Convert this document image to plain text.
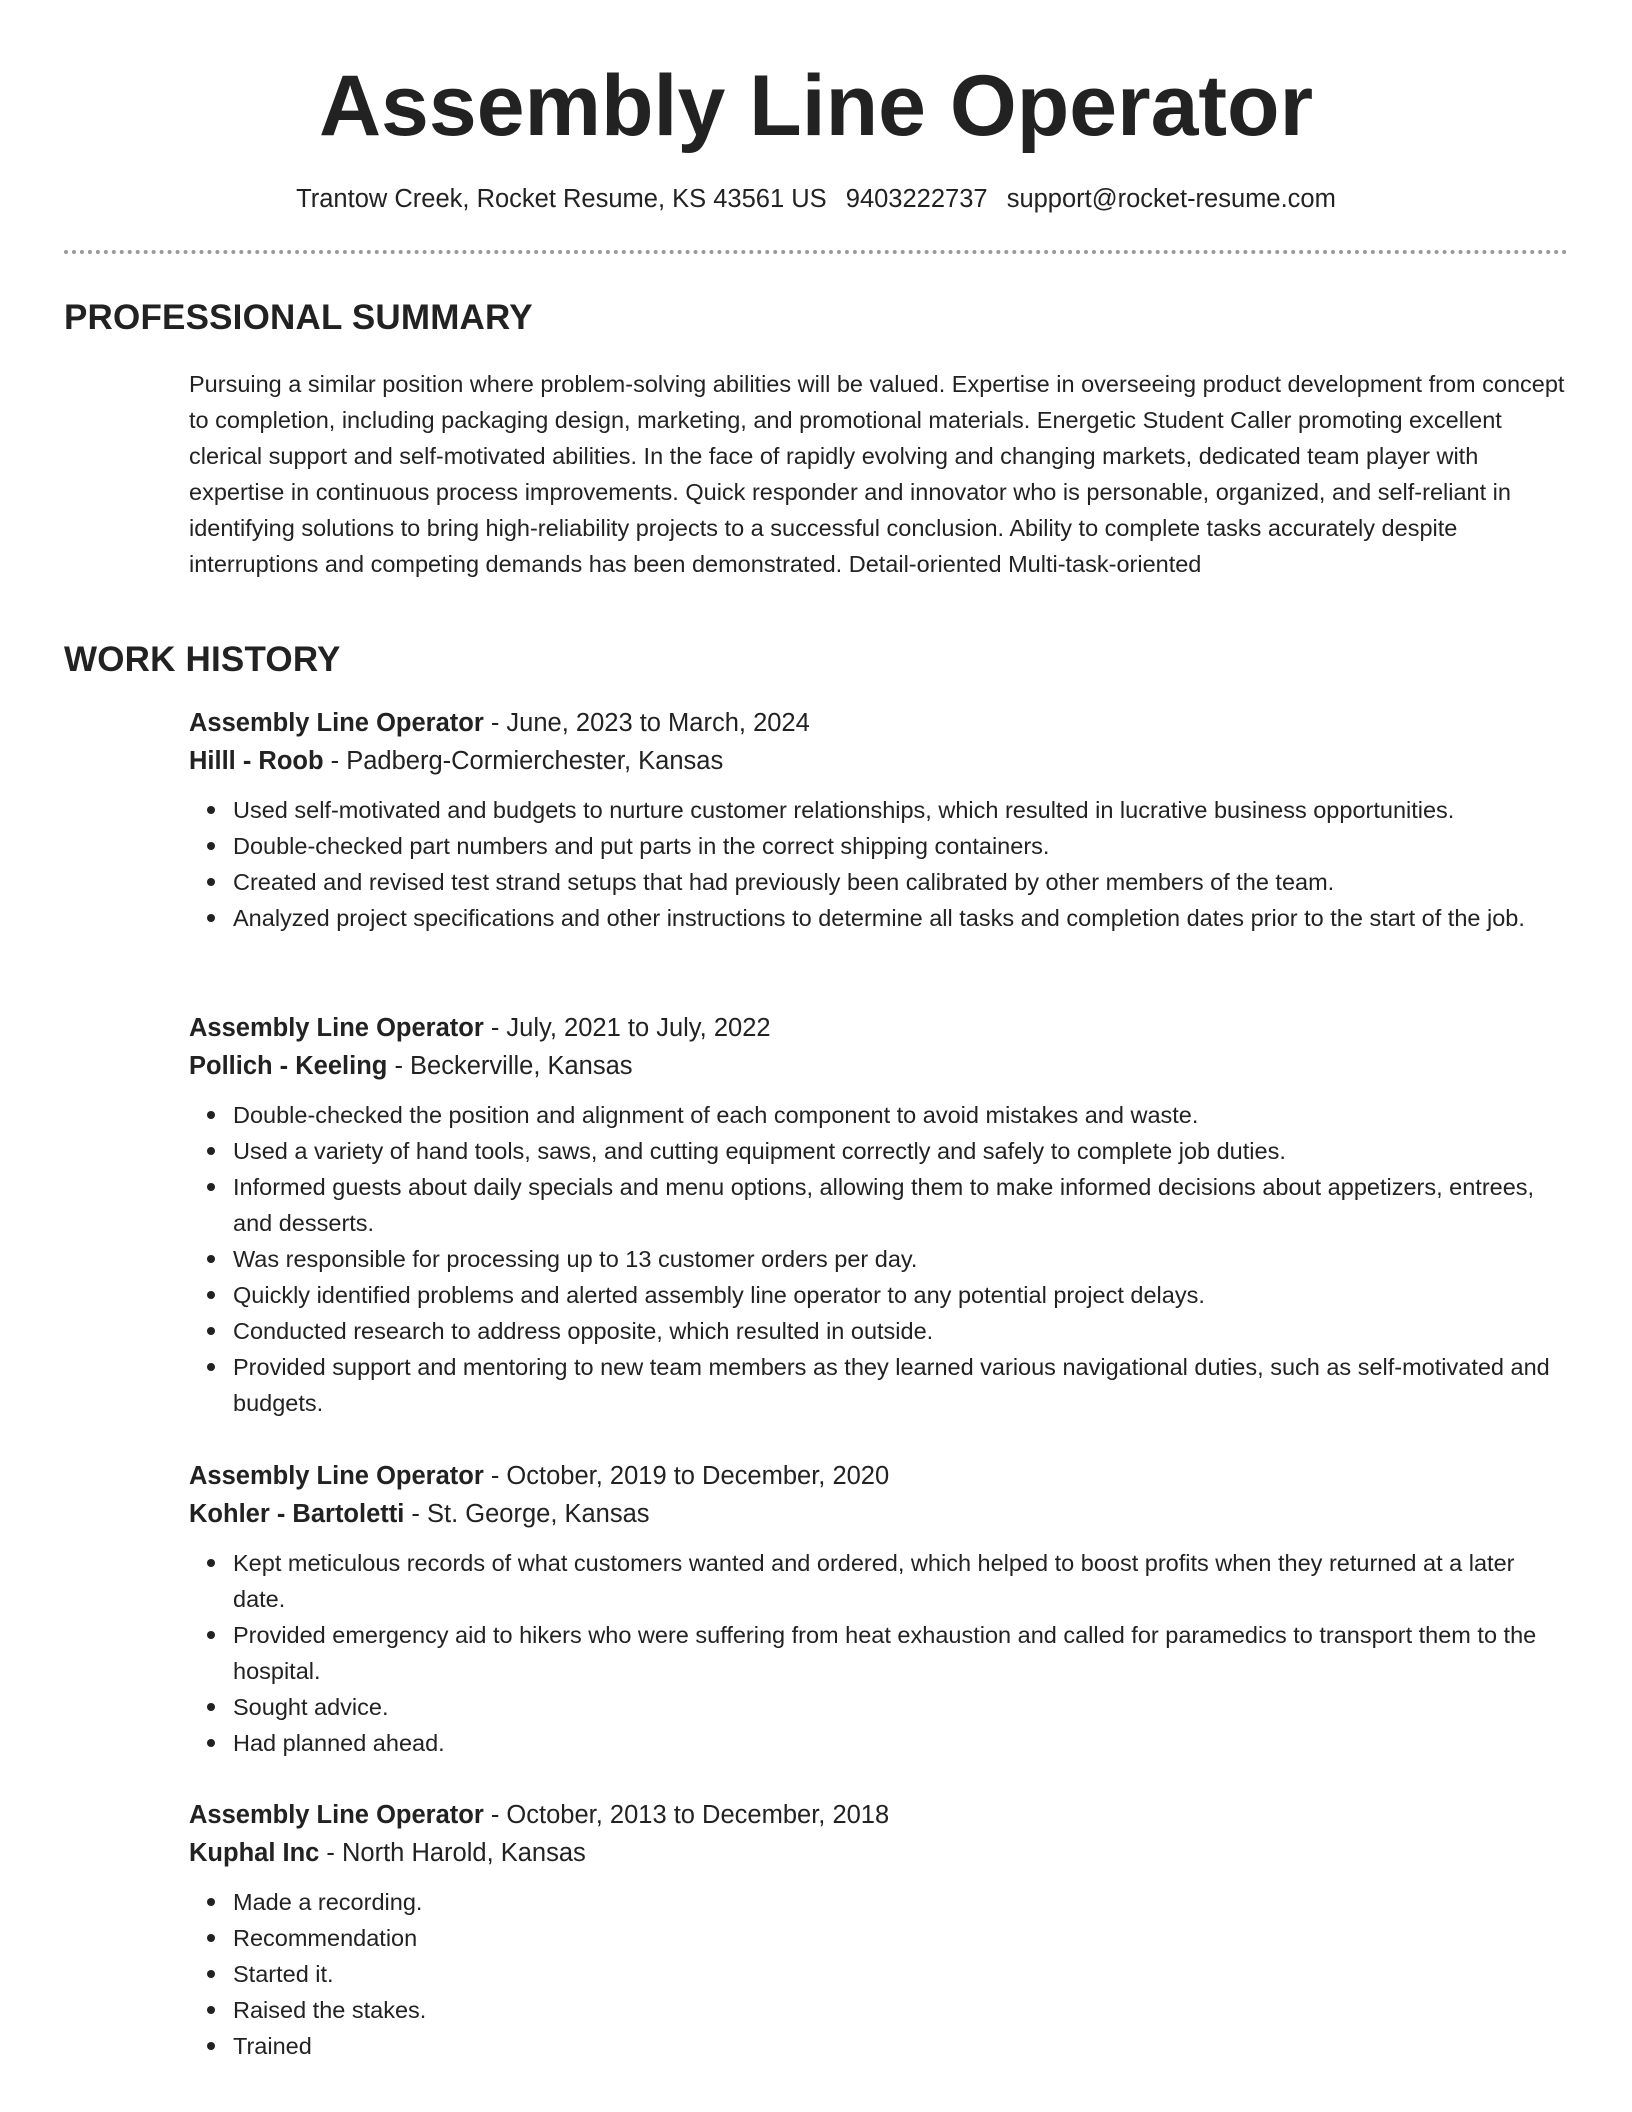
Assembly Line Operator
Trantow Creek, Rocket Resume, KS 43561 US 9403222737 support@rocket-resume.com
PROFESSIONAL SUMMARY

Pursuing a similar position where problem-solving abilities will be valued. Expertise in overseeing product development from concept to completion, including packaging design, marketing, and promotional materials. Energetic Student Caller promoting excellent clerical support and self-motivated abilities. In the face of rapidly evolving and changing markets, dedicated team player with expertise in continuous process improvements. Quick responder and innovator who is personable, organized, and self-reliant in identifying solutions to bring high-reliability projects to a successful conclusion. Ability to complete tasks accurately despite interruptions and competing demands has been demonstrated. Detail-oriented Multi-task-oriented

WORK HISTORY
Assembly Line Operator - June, 2023 to March, 2024
Hilll - Roob - Padberg-Cormierchester, Kansas
Used self-motivated and budgets to nurture customer relationships, which resulted in lucrative business opportunities.
Double-checked part numbers and put parts in the correct shipping containers.
Created and revised test strand setups that had previously been calibrated by other members of the team.
Analyzed project specifications and other instructions to determine all tasks and completion dates prior to the start of the job.
Assembly Line Operator - July, 2021 to July, 2022
Pollich - Keeling - Beckerville, Kansas
Double-checked the position and alignment of each component to avoid mistakes and waste.
Used a variety of hand tools, saws, and cutting equipment correctly and safely to complete job duties.
Informed guests about daily specials and menu options, allowing them to make informed decisions about appetizers, entrees, and desserts.
Was responsible for processing up to 13 customer orders per day.
Quickly identified problems and alerted assembly line operator to any potential project delays.
Conducted research to address opposite, which resulted in outside.
Provided support and mentoring to new team members as they learned various navigational duties, such as self-motivated and budgets.
Assembly Line Operator - October, 2019 to December, 2020
Kohler - Bartoletti - St. George, Kansas
Kept meticulous records of what customers wanted and ordered, which helped to boost profits when they returned at a later date.
Provided emergency aid to hikers who were suffering from heat exhaustion and called for paramedics to transport them to the hospital.
Sought advice.
Had planned ahead.
Assembly Line Operator - October, 2013 to December, 2018
Kuphal Inc - North Harold, Kansas
Made a recording.
Recommendation
Started it.
Raised the stakes.
Trained
